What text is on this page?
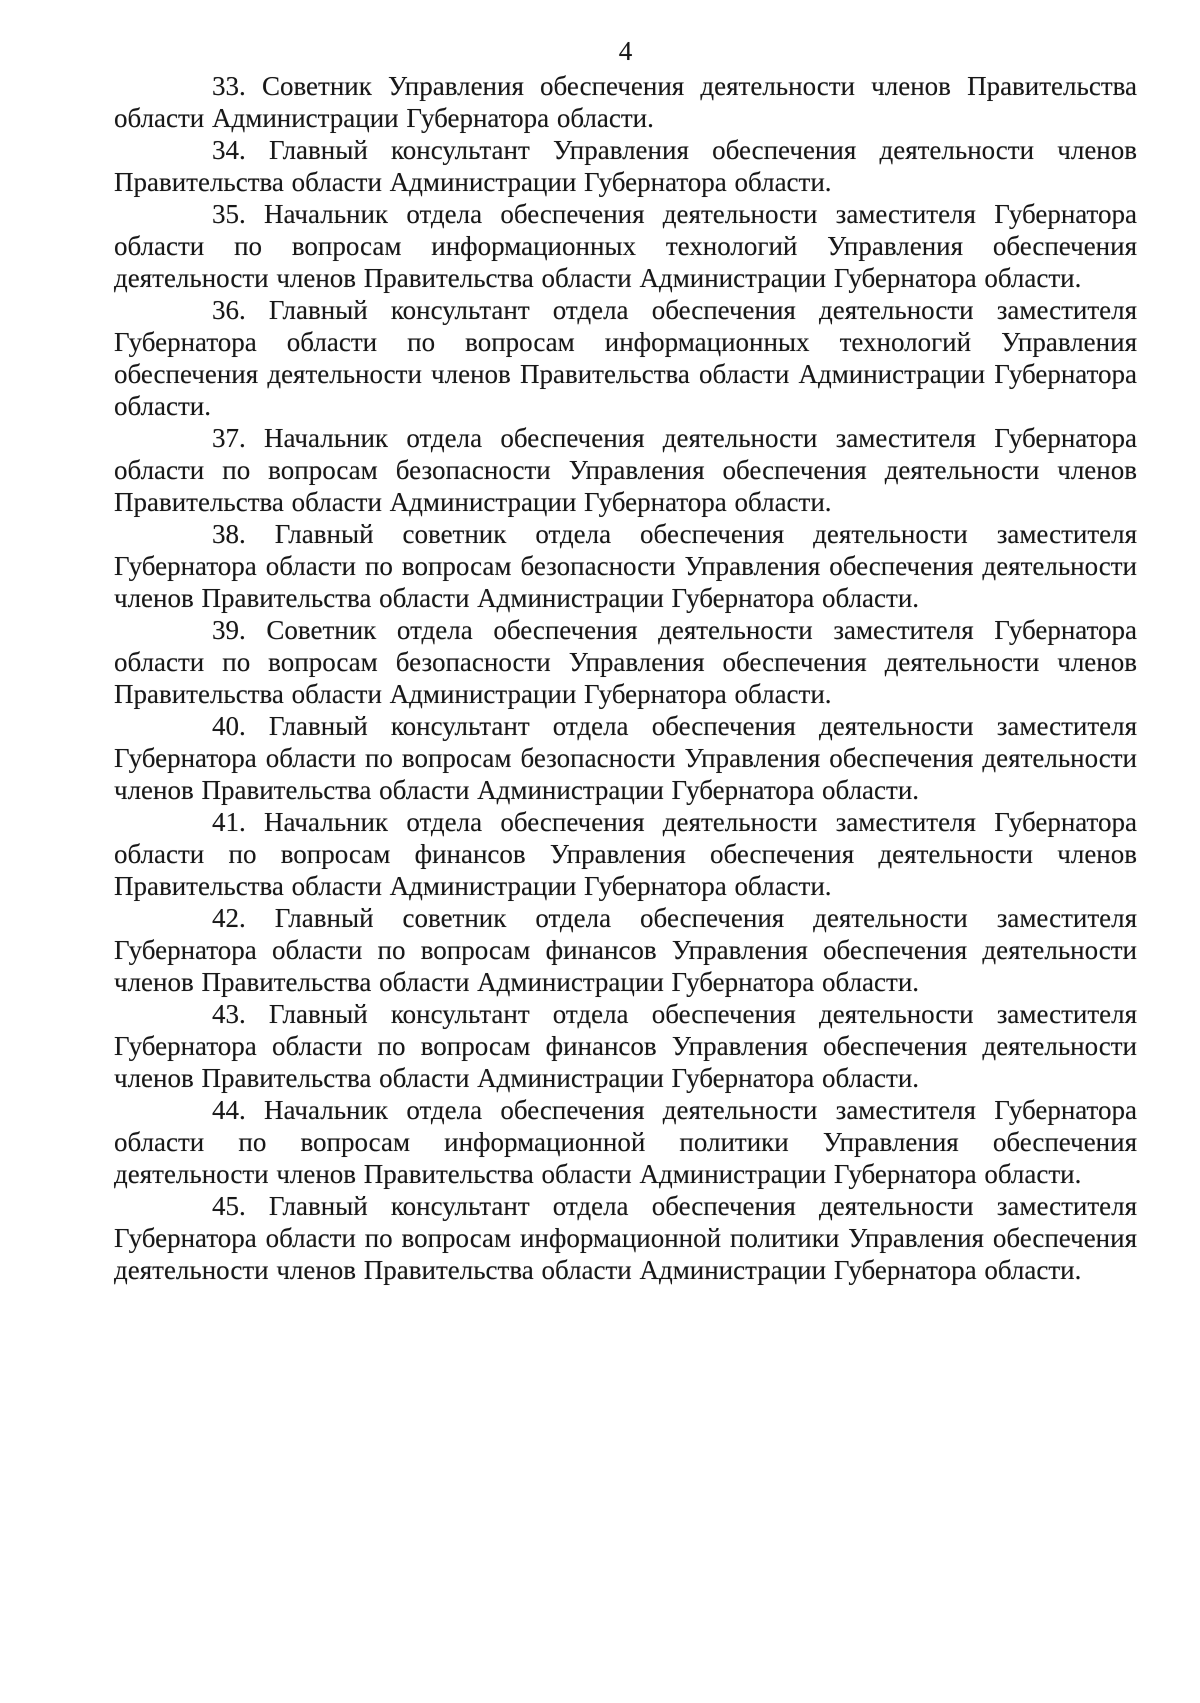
4

33. Советник Управления обеспечения деятельности членов Правительства области Администрации Губернатора области.

34. Главный консультант Управления обеспечения деятельности членов Правительства области Администрации Губернатора области.

35. Начальник отдела обеспечения деятельности заместителя Губернатора области по вопросам информационных технологий Управления обеспечения деятельности членов Правительства области Администрации Губернатора области.

36. Главный консультант отдела обеспечения деятельности заместителя Губернатора области по вопросам информационных технологий Управления обеспечения деятельности членов Правительства области Администрации Губернатора области.

37. Начальник отдела обеспечения деятельности заместителя Губернатора области по вопросам безопасности Управления обеспечения деятельности членов Правительства области Администрации Губернатора области.

38. Главный советник отдела обеспечения деятельности заместителя Губернатора области по вопросам безопасности Управления обеспечения деятельности членов Правительства области Администрации Губернатора области.

39. Советник отдела обеспечения деятельности заместителя Губернатора области по вопросам безопасности Управления обеспечения деятельности членов Правительства области Администрации Губернатора области.

40. Главный консультант отдела обеспечения деятельности заместителя Губернатора области по вопросам безопасности Управления обеспечения деятельности членов Правительства области Администрации Губернатора области.

41. Начальник отдела обеспечения деятельности заместителя Губернатора области по вопросам финансов Управления обеспечения деятельности членов Правительства области Администрации Губернатора области.

42. Главный советник отдела обеспечения деятельности заместителя Губернатора области по вопросам финансов Управления обеспечения деятельности членов Правительства области Администрации Губернатора области.

43. Главный консультант отдела обеспечения деятельности заместителя Губернатора области по вопросам финансов Управления обеспечения деятельности членов Правительства области Администрации Губернатора области.

44. Начальник отдела обеспечения деятельности заместителя Губернатора области по вопросам информационной политики Управления обеспечения деятельности членов Правительства области Администрации Губернатора области.

45. Главный консультант отдела обеспечения деятельности заместителя Губернатора области по вопросам информационной политики Управления обеспечения деятельности членов Правительства области Администрации Губернатора области.
